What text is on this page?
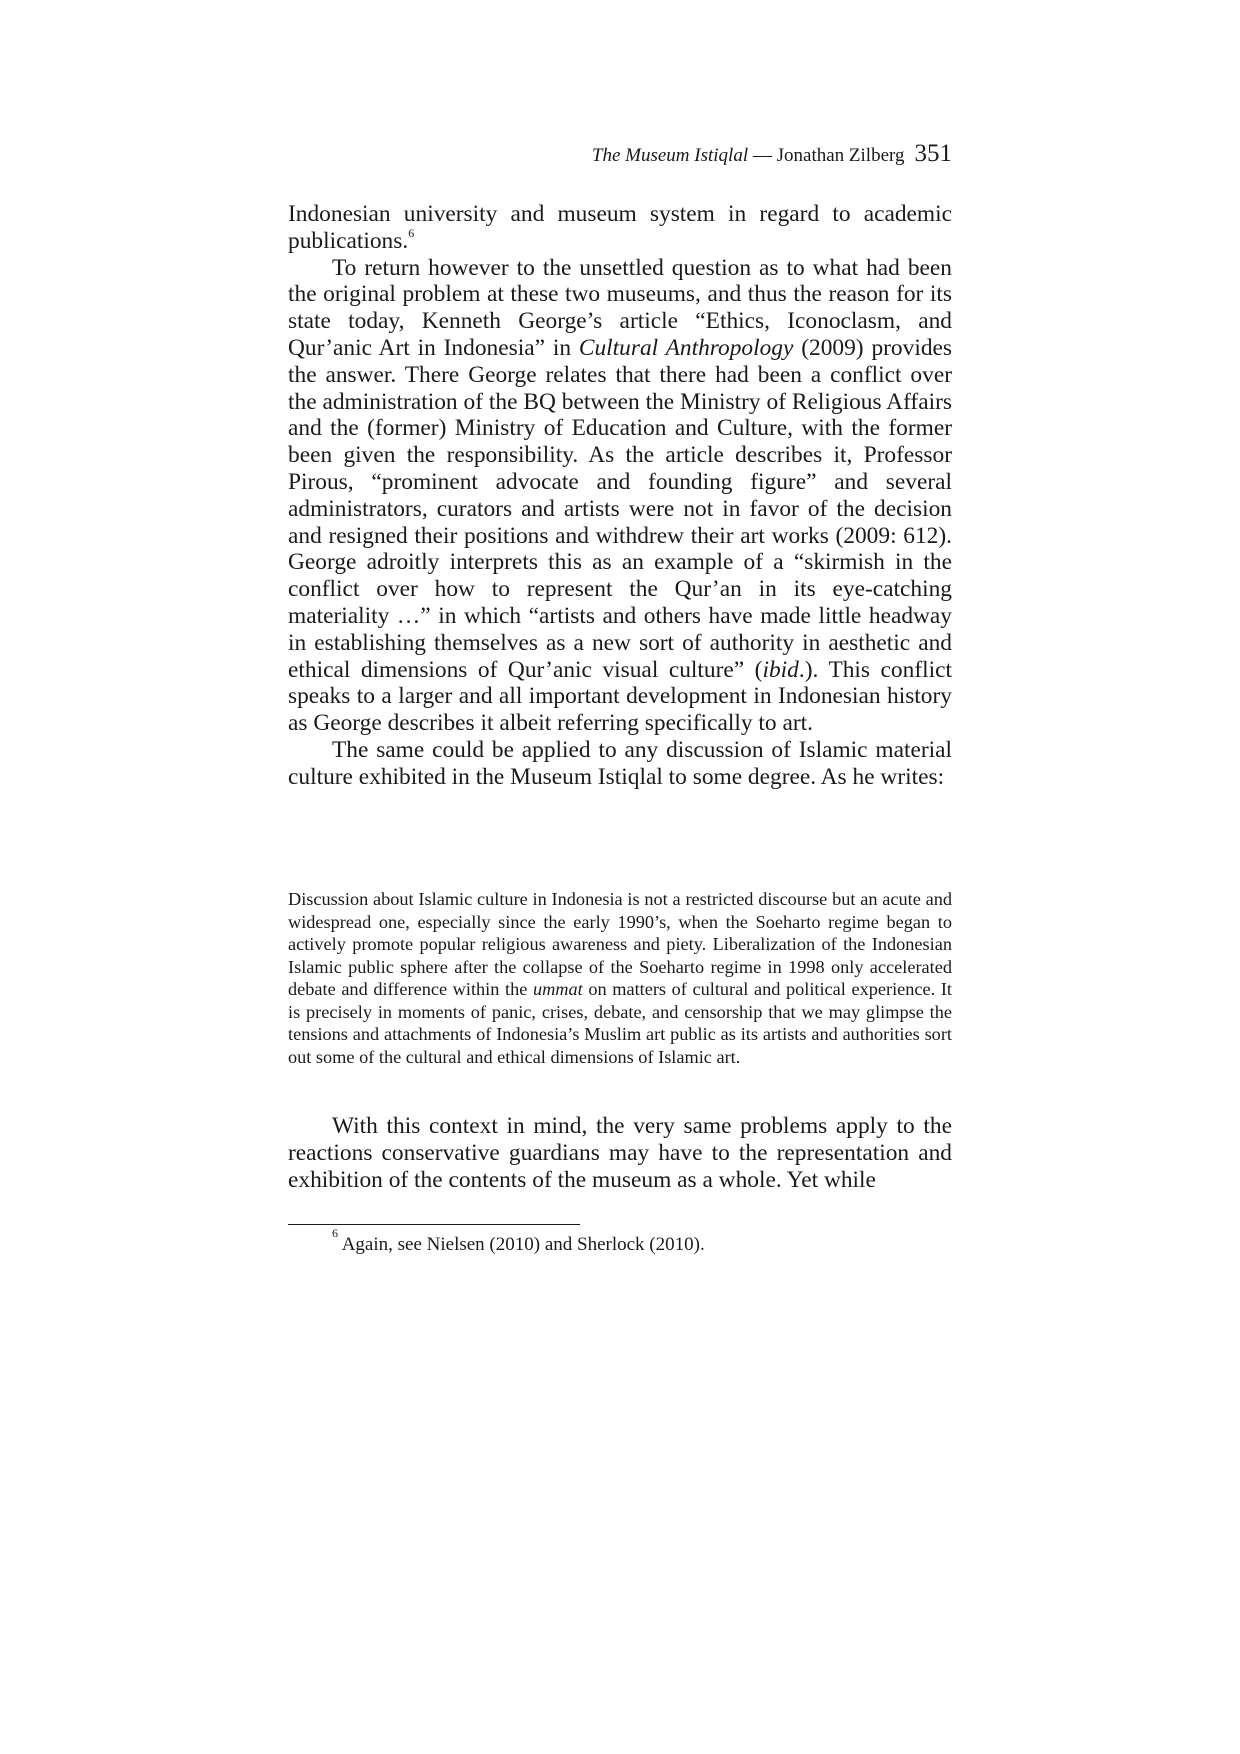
The Museum Istiqlal — Jonathan Zilberg 351

Indonesian university and museum system in regard to academic publications.$^6$

To return however to the unsettled question as to what had been the original problem at these two museums, and thus the reason for its state today, Kenneth George’s article “Ethics, Iconoclasm, and Qur’anic Art in Indonesia” in Cultural Anthropology (2009) provides the answer. There George relates that there had been a conflict over the administration of the BQ between the Ministry of Religious Affairs and the (former) Ministry of Education and Culture, with the former been given the responsibility. As the article describes it, Professor Pirous, “prominent advocate and founding figure” and several administrators, curators and artists were not in favor of the decision and resigned their positions and withdrew their art works (2009: 612). George adroitly interprets this as an example of a “skirmish in the conflict over how to represent the Qur’an in its eye-catching materiality …” in which “artists and others have made little headway in establishing themselves as a new sort of authority in aesthetic and ethical dimensions of Qur’anic visual culture” (ibid.). This conflict speaks to a larger and all important development in Indonesian history as George describes it albeit referring specifically to art.

The same could be applied to any discussion of Islamic material culture exhibited in the Museum Istiqlal to some degree. As he writes:

Discussion about Islamic culture in Indonesia is not a restricted discourse but an acute and widespread one, especially since the early 1990’s, when the Soeharto regime began to actively promote popular religious awareness and piety. Liberalization of the Indonesian Islamic public sphere after the collapse of the Soeharto regime in 1998 only accelerated debate and difference within the ummat on matters of cultural and political experience. It is precisely in moments of panic, crises, debate, and censorship that we may glimpse the tensions and attachments of Indonesia’s Muslim art public as its artists and authorities sort out some of the cultural and ethical dimensions of Islamic art.

With this context in mind, the very same problems apply to the reactions conservative guardians may have to the representation and exhibition of the contents of the museum as a whole. Yet while

$^6$ Again, see Nielsen (2010) and Sherlock (2010).
